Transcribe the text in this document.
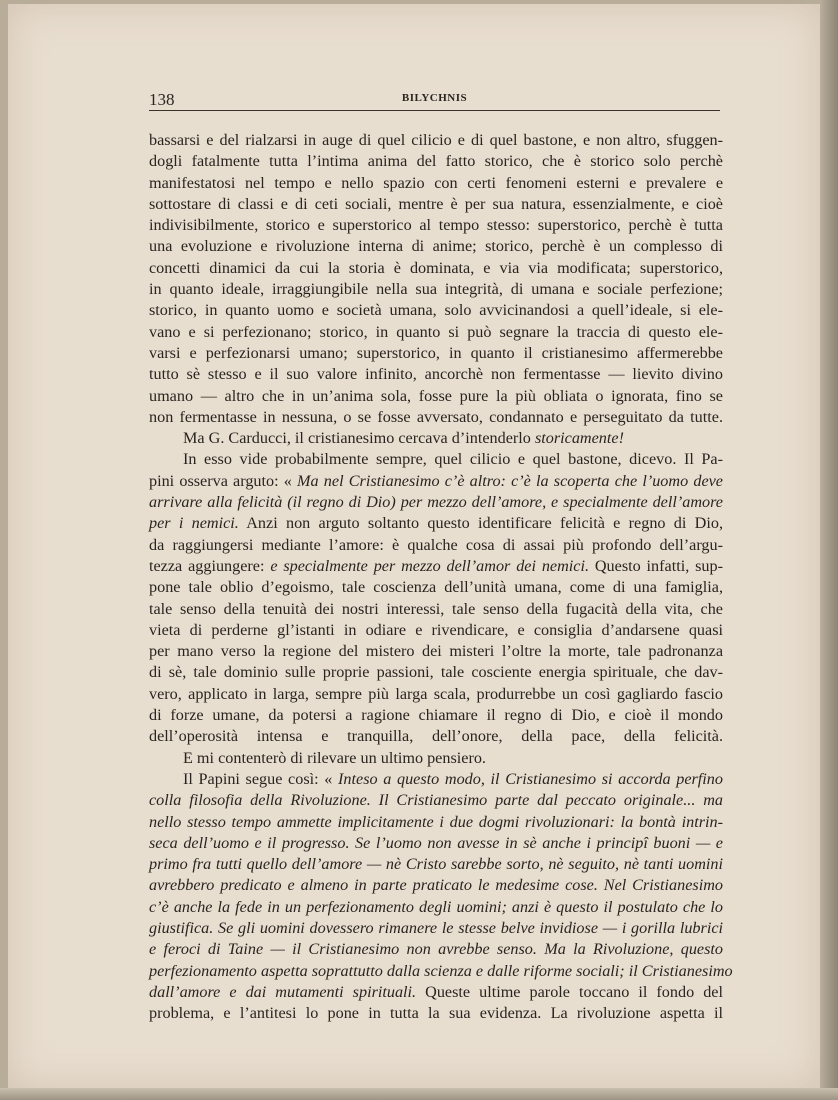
138	BILYCHNIS
bassarsi e del rialzarsi in auge di quel cilicio e di quel bastone, e non altro, sfuggen-
dogli fatalmente tutta l’intima anima del fatto storico, che è storico solo perchè
manifestatosi nel tempo e nello spazio con certi fenomeni esterni e prevalere e
sottostare di classi e di ceti sociali, mentre è per sua natura, essenzialmente, e cioè
indivisibilmente, storico e superstorico al tempo stesso: superstorico, perchè è tutta
una evoluzione e rivoluzione interna di anime; storico, perchè è un complesso di
concetti dinamici da cui la storia è dominata, e via via modificata; superstorico,
in quanto ideale, irraggiungibile nella sua integrità, di umana e sociale perfezione;
storico, in quanto uomo e società umana, solo avvicinandosi a quell’ideale, si ele-
vano e si perfezionano; storico, in quanto si può segnare la traccia di questo ele-
varsi e perfezionarsi umano; superstorico, in quanto il cristianesimo affermerebbe
tutto sè stesso e il suo valore infinito, ancorchè non fermentasse — lievito divino
umano — altro che in un’anima sola, fosse pure la più obliata o ignorata, fino se
non fermentasse in nessuna, o se fosse avversato, condannato e perseguitato da tutte.
Ma G. Carducci, il cristianesimo cercava d’intenderlo storicamente!
In esso vide probabilmente sempre, quel cilicio e quel bastone, dicevo. Il Pa-
pini osserva arguto: « Ma nel Cristianesimo c’è altro: c’è la scoperta che l’uomo deve
arrivare alla felicità (il regno di Dio) per mezzo dell’amore, e specialmente dell’amore
per i nemici. Anzi non arguto soltanto questo identificare felicità e regno di Dio,
da raggiungersi mediante l’amore: è qualche cosa di assai più profondo dell’argu-
tezza aggiungere: e specialmente per mezzo dell’amor dei nemici. Questo infatti, sup-
pone tale oblio d’egoismo, tale coscienza dell’unità umana, come di una famiglia,
tale senso della tenuità dei nostri interessi, tale senso della fugacità della vita, che
vieta di perderne gl’istanti in odiare e rivendicare, e consiglia d’andarsene quasi
per mano verso la regione del mistero dei misteri l’oltre la morte, tale padronanza
di sè, tale dominio sulle proprie passioni, tale cosciente energia spirituale, che dav-
vero, applicato in larga, sempre più larga scala, produrrebbe un così gagliardo fascio
di forze umane, da potersi a ragione chiamare il regno di Dio, e cioè il mondo
dell’operosità intensa e tranquilla, dell’onore, della pace, della felicità.
E mi contenterò di rilevare un ultimo pensiero.
Il Papini segue così: « Inteso a questo modo, il Cristianesimo si accorda perfino
colla filosofia della Rivoluzione. Il Cristianesimo parte dal peccato originale... ma
nello stesso tempo ammette implicitamente i due dogmi rivoluzionari: la bontà intrin-
seca dell’uomo e il progresso. Se l’uomo non avesse in sè anche i principî buoni — e
primo fra tutti quello dell’amore — nè Cristo sarebbe sorto, nè seguito, nè tanti uomini
avrebbero predicato e almeno in parte praticato le medesime cose. Nel Cristianesimo
c’è anche la fede in un perfezionamento degli uomini; anzi è questo il postulato che lo
giustifica. Se gli uomini dovessero rimanere le stesse belve invidiose — i gorilla lubrici
e feroci di Taine — il Cristianesimo non avrebbe senso. Ma la Rivoluzione, questo
perfezionamento aspetta soprattutto dalla scienza e dalle riforme sociali; il Cristianesimo
dall’amore e dai mutamenti spirituali. Queste ultime parole toccano il fondo del
problema, e l’antitesi lo pone in tutta la sua evidenza. La rivoluzione aspetta il
